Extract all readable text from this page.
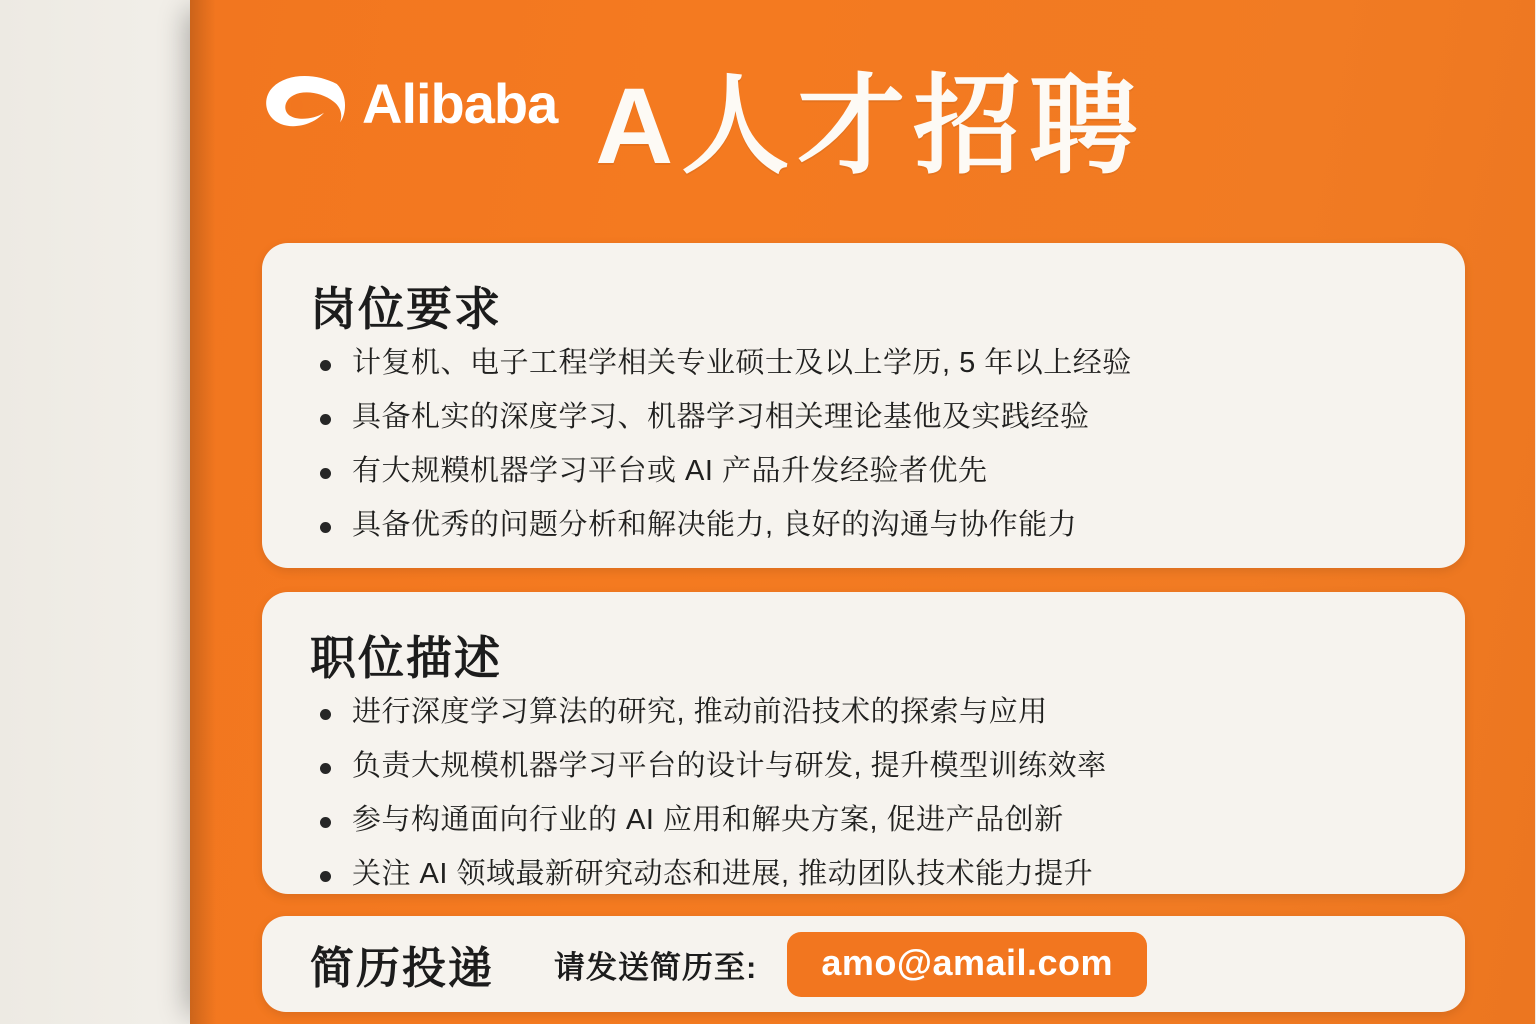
Alibaba A人才招聘
岗位要求
计复机、电子工程学相关专业硕士及以上学历, 5 年以上经验
具备札实的深度学习、机器学习相关理论基他及实践经验
有大规糢机器学习平台或 AI 产品升发经验者优先
具备优秀的问题分析和解决能力, 良好的沟通与协作能力
职位描述
进行深度学习算法的研究, 推动前沿技术的探索与应用
负责大规模机器学习平台的设计与研发, 提升模型训练效率
参与构通面向行业的 AI 应用和解央方案, 促进产品创新
关注 AI 领域最新研究动态和进展, 推动团队技术能力提升
简历投递 请发送简历至:	amo@amail.com
